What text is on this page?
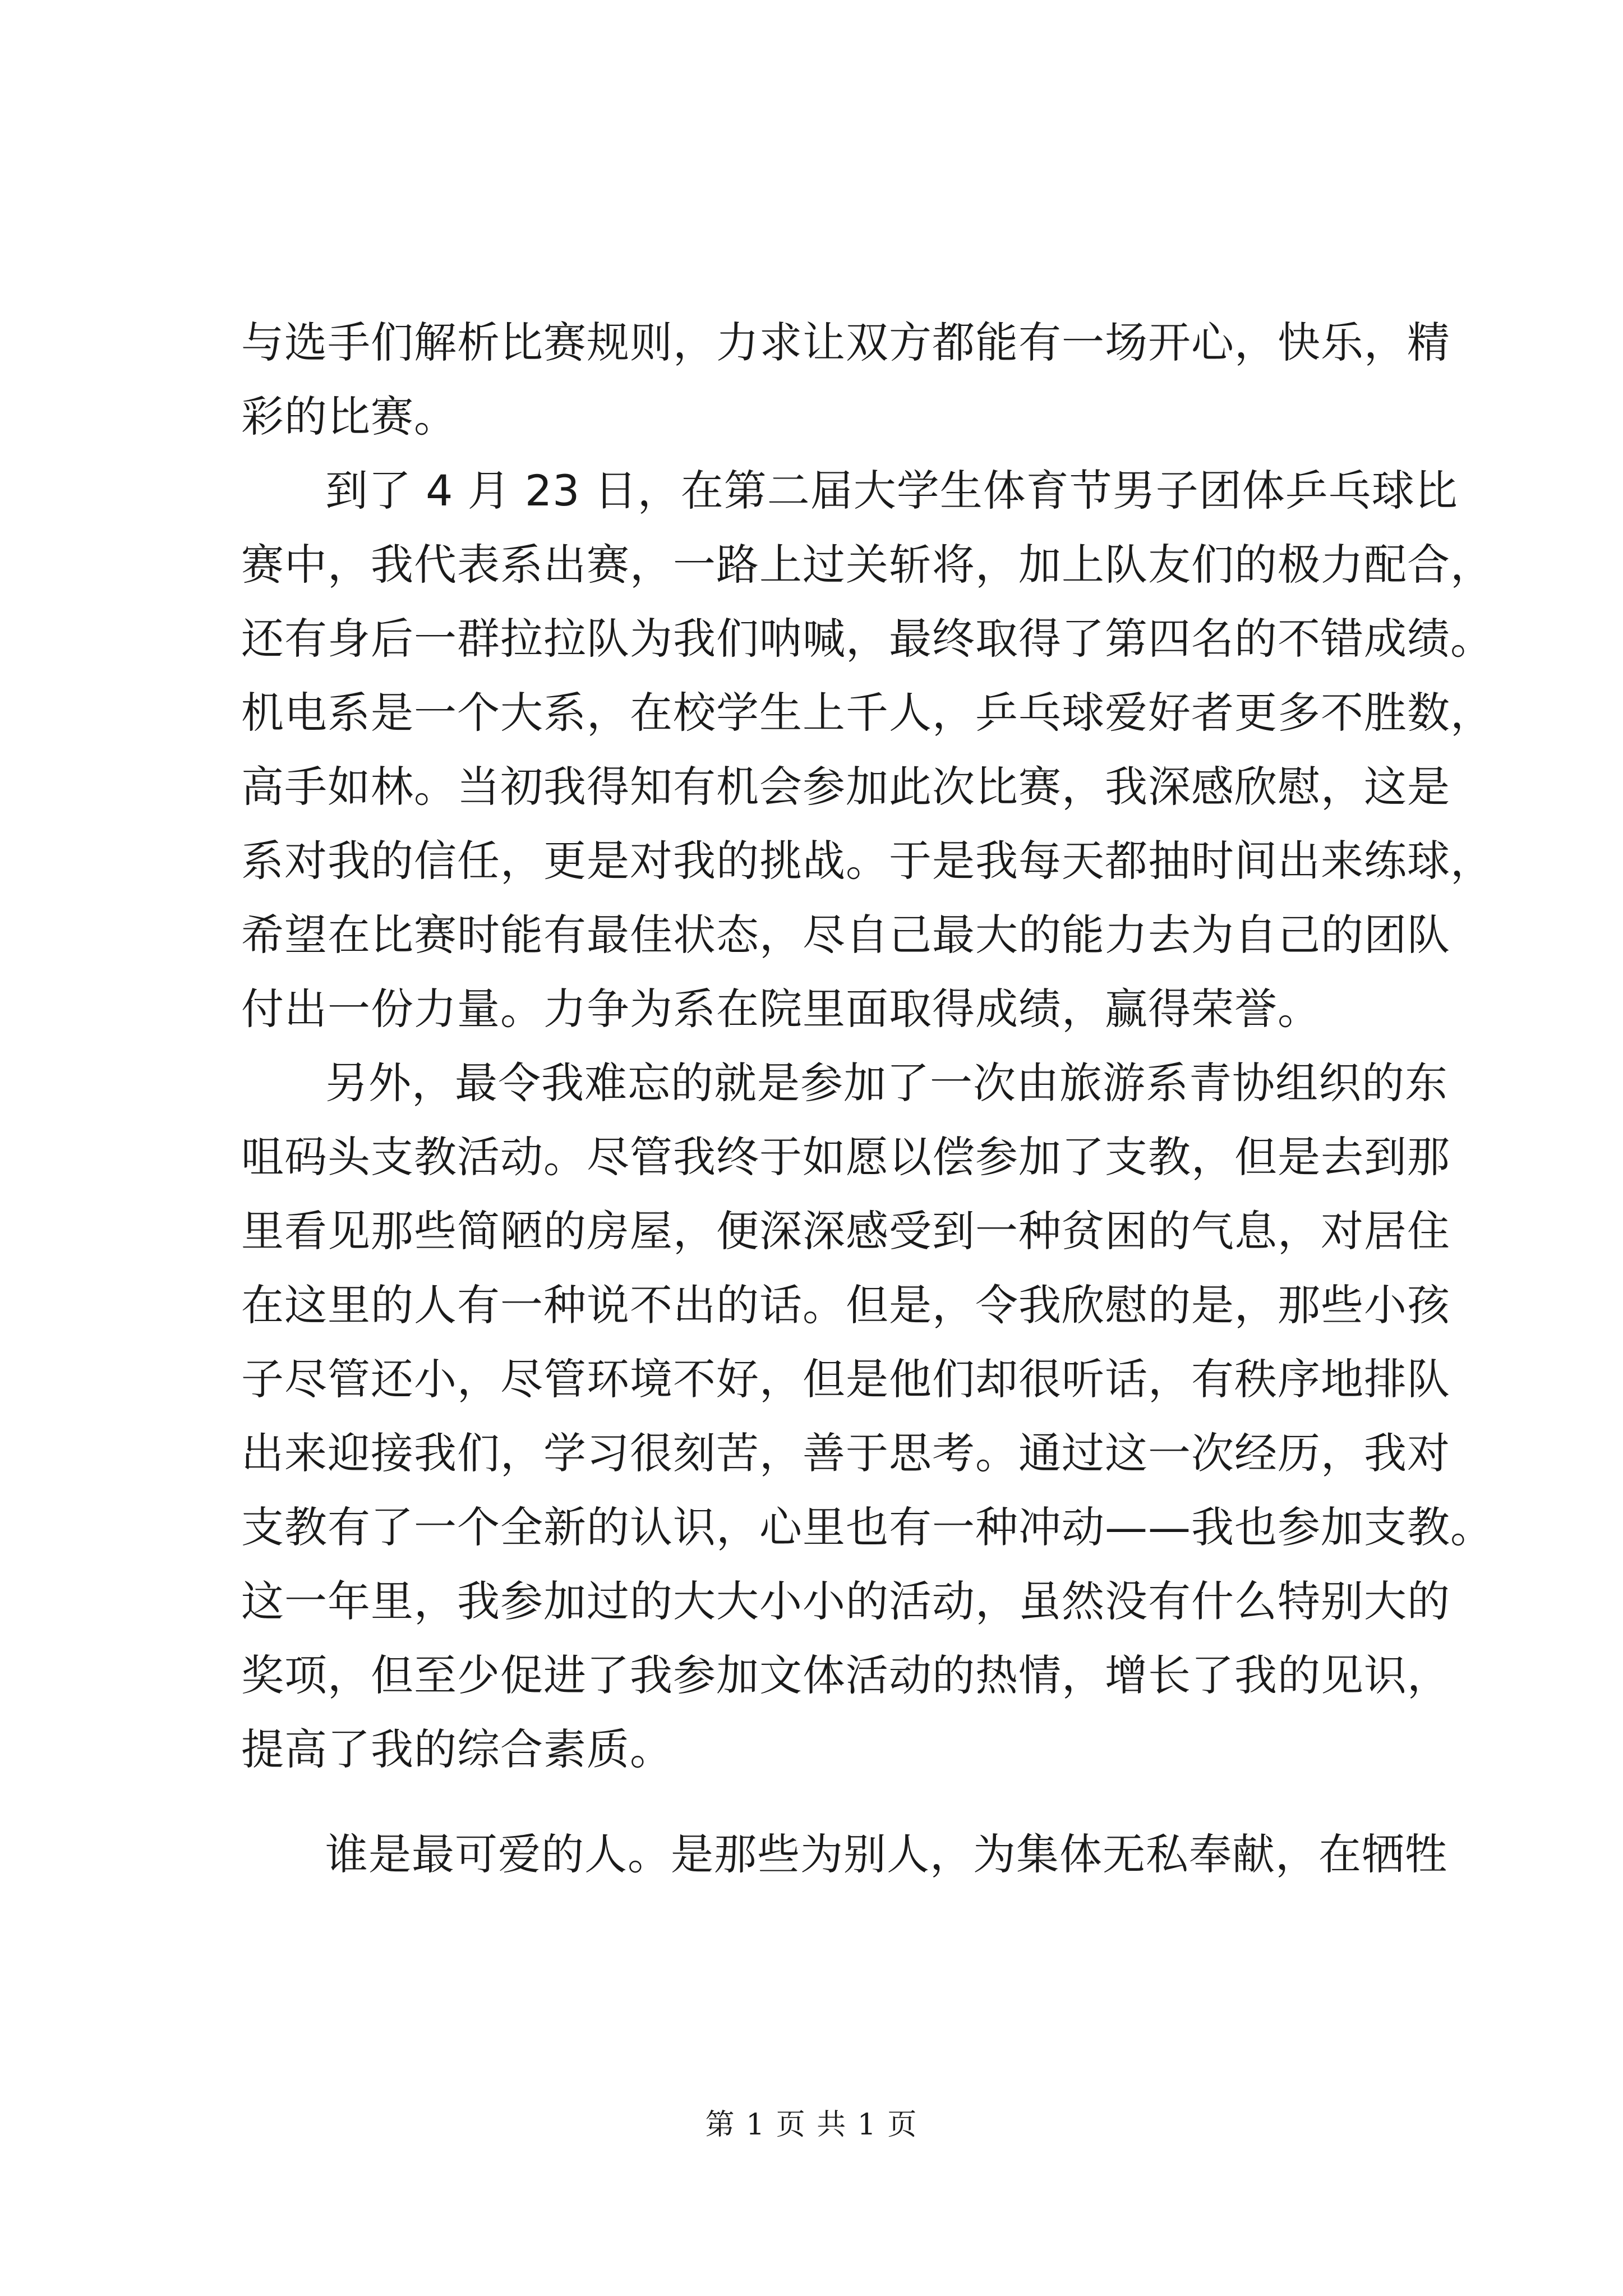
与选手们解析比赛规则，力求让双方都能有一场开心，快乐，精
彩的比赛。
到了 4 月 23 日，在第二届大学生体育节男子团体乒乓球比
赛中，我代表系出赛，一路上过关斩将，加上队友们的极力配合，
还有身后一群拉拉队为我们呐喊，最终取得了第四名的不错成绩。
机电系是一个大系，在校学生上千人，乒乓球爱好者更多不胜数，
高手如林。当初我得知有机会参加此次比赛，我深感欣慰，这是
系对我的信任，更是对我的挑战。于是我每天都抽时间出来练球，
希望在比赛时能有最佳状态，尽自己最大的能力去为自己的团队
付出一份力量。力争为系在院里面取得成绩，赢得荣誉。
另外，最令我难忘的就是参加了一次由旅游系青协组织的东
咀码头支教活动。尽管我终于如愿以偿参加了支教，但是去到那
里看见那些简陋的房屋，便深深感受到一种贫困的气息，对居住
在这里的人有一种说不出的话。但是，令我欣慰的是，那些小孩
子尽管还小，尽管环境不好，但是他们却很听话，有秩序地排队
出来迎接我们，学习很刻苦，善于思考。通过这一次经历，我对
支教有了一个全新的认识，心里也有一种冲动——我也参加支教。
这一年里，我参加过的大大小小的活动，虽然没有什么特别大的
奖项，但至少促进了我参加文体活动的热情，增长了我的见识，
提高了我的综合素质。
谁是最可爱的人。是那些为别人，为集体无私奉献，在牺牲
第 1 页 共 1 页
